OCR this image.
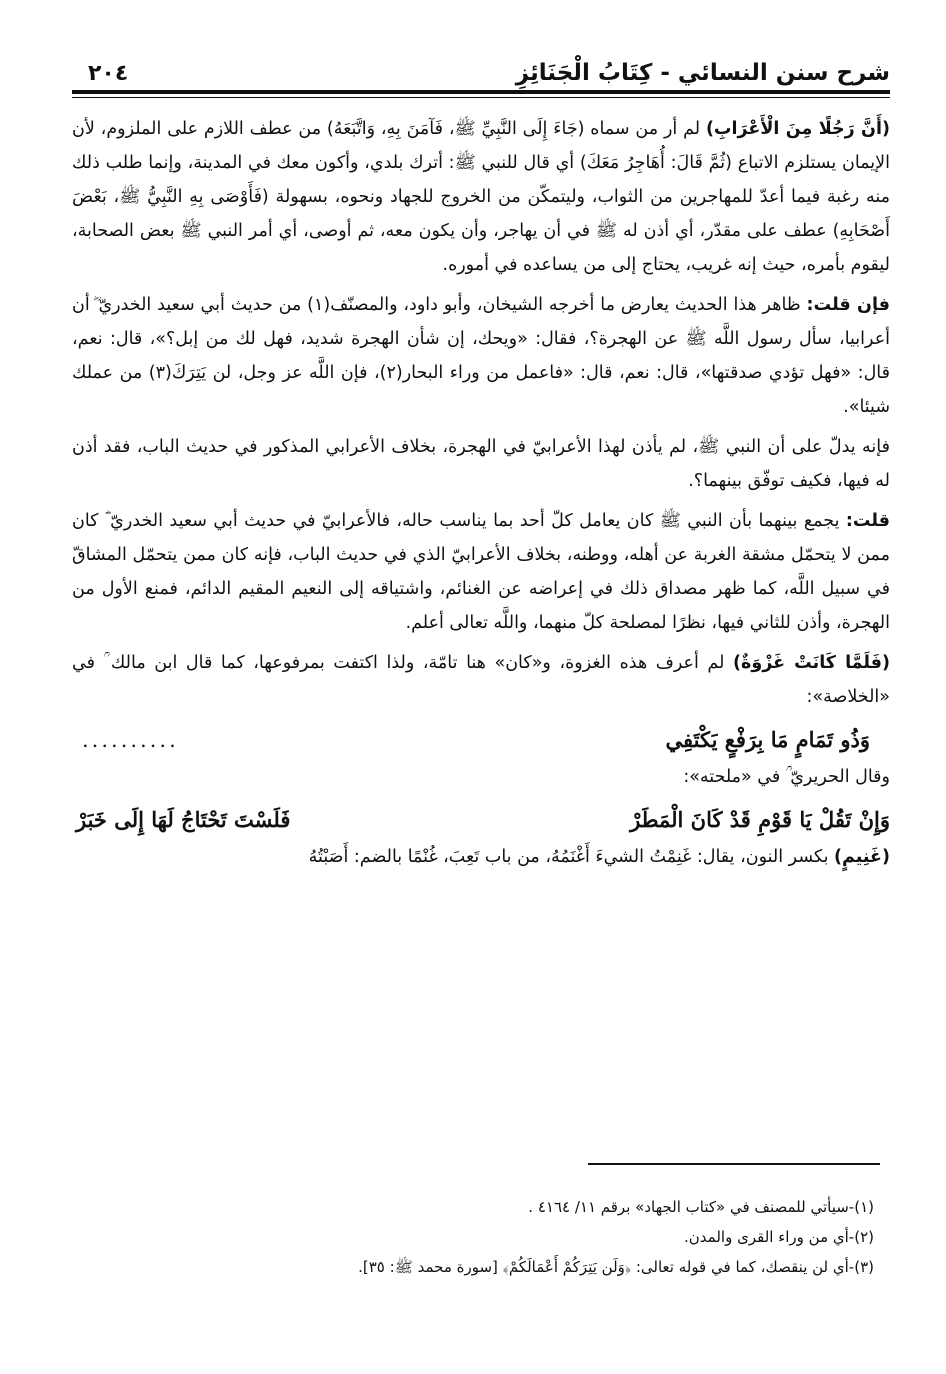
شرح سنن النسائي - كِتَابُ الْجَنَائِزِ
٢٠٤

(أَنَّ رَجُلًا مِنَ الْأَعْرَابِ) لم أر من سماه (جَاءَ إِلَى النَّبِيِّ ﷺ، فَآمَنَ بِهِ، وَاتَّبَعَهُ) من عطف اللازم على الملزوم، لأن الإيمان يستلزم الاتباع (ثُمَّ قَالَ: أُهَاجِرُ مَعَكَ) أي قال للنبي ﷺ: أترك بلدي، وأكون معك في المدينة، وإنما طلب ذلك منه رغبة فيما أعدّ للمهاجرين من الثواب، وليتمكّن من الخروج للجهاد ونحوه، بسهولة (فَأَوْصَى بِهِ النَّبِيُّ ﷺ، بَعْضَ أَصْحَابِهِ) عطف على مقدّر، أي أذن له ﷺ في أن يهاجر، وأن يكون معه، ثم أوصى، أي أمر النبي ﷺ بعض الصحابة، ليقوم بأمره، حيث إنه غريب، يحتاج إلى من يساعده في أموره.

فإن قلت: ظاهر هذا الحديث يعارض ما أخرجه الشيخان، وأبو داود، والمصنّف(١) من حديث أبي سعيد الخدريّ ؓ أن أعرابيا، سأل رسول اللَّه ﷺ عن الهجرة؟، فقال: «ويحك، إن شأن الهجرة شديد، فهل لك من إبل؟»، قال: نعم، قال: «فهل تؤدي صدقتها»، قال: نعم، قال: «فاعمل من وراء البحار(٢)، فإن اللَّه عز وجل، لن يَتِرَكَ(٣) من عملك شيئا».

فإنه يدلّ على أن النبي ﷺ، لم يأذن لهذا الأعرابيّ في الهجرة، بخلاف الأعرابي المذكور في حديث الباب، فقد أذن له فيها، فكيف توفّق بينهما؟.

قلت: يجمع بينهما بأن النبي ﷺ كان يعامل كلّ أحد بما يناسب حاله، فالأعرابيّ في حديث أبي سعيد الخدريّ ؓ كان ممن لا يتحمّل مشقة الغربة عن أهله، ووطنه، بخلاف الأعرابيّ الذي في حديث الباب، فإنه كان ممن يتحمّل المشاقّ في سبيل اللَّه، كما ظهر مصداق ذلك في إعراضه عن الغنائم، واشتياقه إلى النعيم المقيم الدائم، فمنع الأول من الهجرة، وأذن للثاني فيها، نظرًا لمصلحة كلّ منهما، واللَّه تعالى أعلم.

(فَلَمَّا كَانَتْ غَزْوَةٌ) لم أعرف هذه الغزوة، و«كان» هنا تامّة، ولذا اكتفت بمرفوعها، كما قال ابن مالك ؒ في «الخلاصة»:

وَذُو تَمَامٍ مَا بِرَفْعٍ يَكْتَفِي
..........

وقال الحريريّ ؒ في «ملحته»:

وَإِنْ تَقُلْ يَا قَوْمِ قَدْ كَانَ الْمَطَرْ
فَلَسْتَ تَحْتَاجُ لَهَا إِلَى خَبَرْ

(غَنِيمٍ) بكسر النون، يقال: غَنِمْتُ الشيءَ أَغْنَمُهُ، من باب تَعِبَ، غُنْمًا بالضم: أَصَبْتُهُ

(١)-سيأتي للمصنف في «كتاب الجهاد» برقم ١١/ ٤١٦٤ .

(٢)-أي من وراء القرى والمدن.

(٣)-أي لن ينقصك، كما في قوله تعالى: ﴿وَلَن يَتِرَكُمْ أَعْمَالَكُمْ﴾ [سورة محمد ﷺ: ٣٥].
